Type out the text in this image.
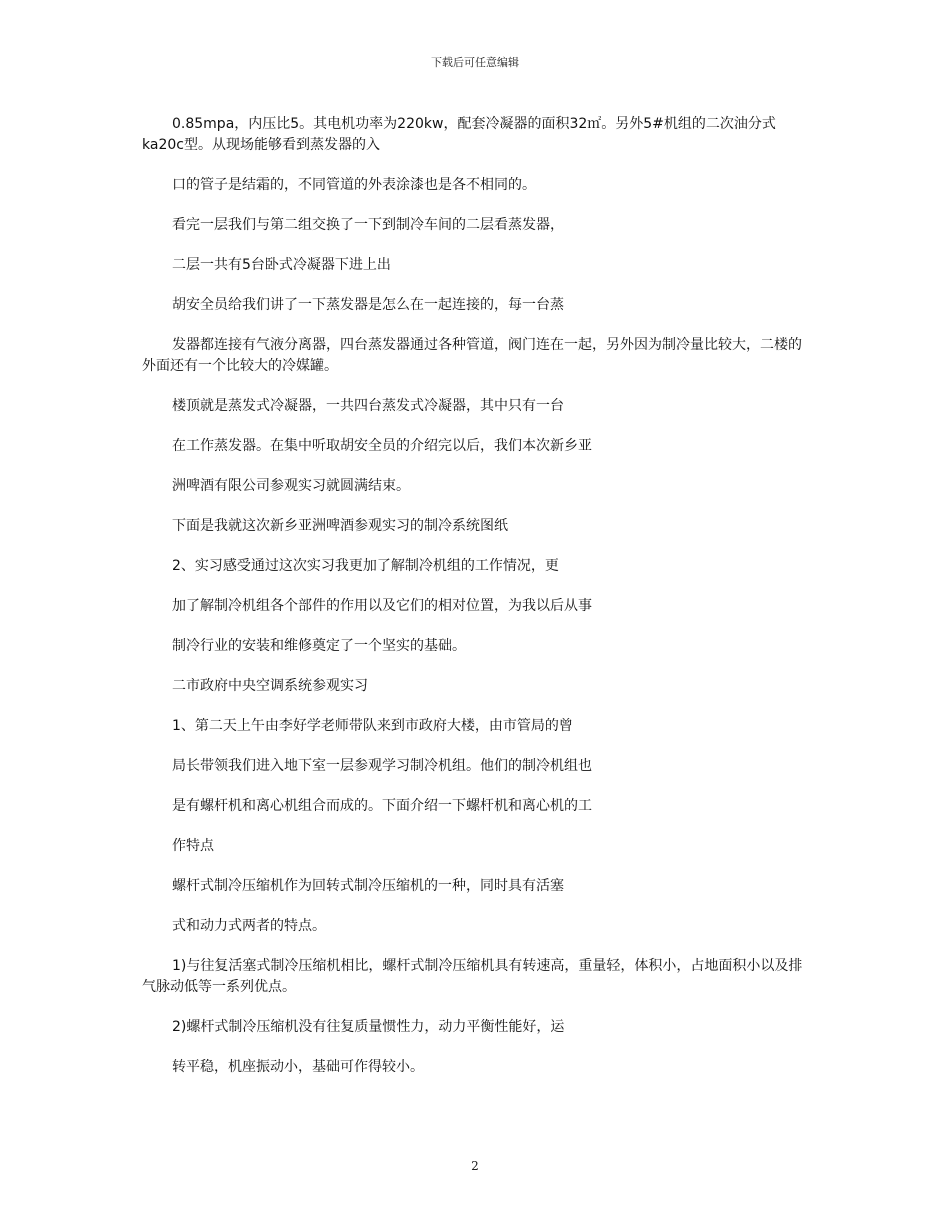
下载后可任意编辑

0.85mpa，内压比5。其电机功率为220kw，配套冷凝器的面积32㎡。另外5#机组的二次油分式ka20c型。从现场能够看到蒸发器的入

口的管子是结霜的，不同管道的外表涂漆也是各不相同的。

看完一层我们与第二组交换了一下到制冷车间的二层看蒸发器，

二层一共有5台卧式冷凝器下进上出

胡安全员给我们讲了一下蒸发器是怎么在一起连接的，每一台蒸

发器都连接有气液分离器，四台蒸发器通过各种管道，阀门连在一起，另外因为制冷量比较大，二楼的外面还有一个比较大的冷媒罐。

楼顶就是蒸发式冷凝器，一共四台蒸发式冷凝器，其中只有一台

在工作蒸发器。在集中听取胡安全员的介绍完以后，我们本次新乡亚

洲啤酒有限公司参观实习就圆满结束。

下面是我就这次新乡亚洲啤酒参观实习的制冷系统图纸

2、实习感受通过这次实习我更加了解制冷机组的工作情况，更

加了解制冷机组各个部件的作用以及它们的相对位置，为我以后从事

制冷行业的安装和维修奠定了一个坚实的基础。

二市政府中央空调系统参观实习

1、第二天上午由李好学老师带队来到市政府大楼，由市管局的曾

局长带领我们进入地下室一层参观学习制冷机组。他们的制冷机组也

是有螺杆机和离心机组合而成的。下面介绍一下螺杆机和离心机的工

作特点

螺杆式制冷压缩机作为回转式制冷压缩机的一种，同时具有活塞

式和动力式两者的特点。

1)与往复活塞式制冷压缩机相比，螺杆式制冷压缩机具有转速高，重量轻，体积小，占地面积小以及排气脉动低等一系列优点。

2)螺杆式制冷压缩机没有往复质量惯性力，动力平衡性能好，运

转平稳，机座振动小，基础可作得较小。

2
